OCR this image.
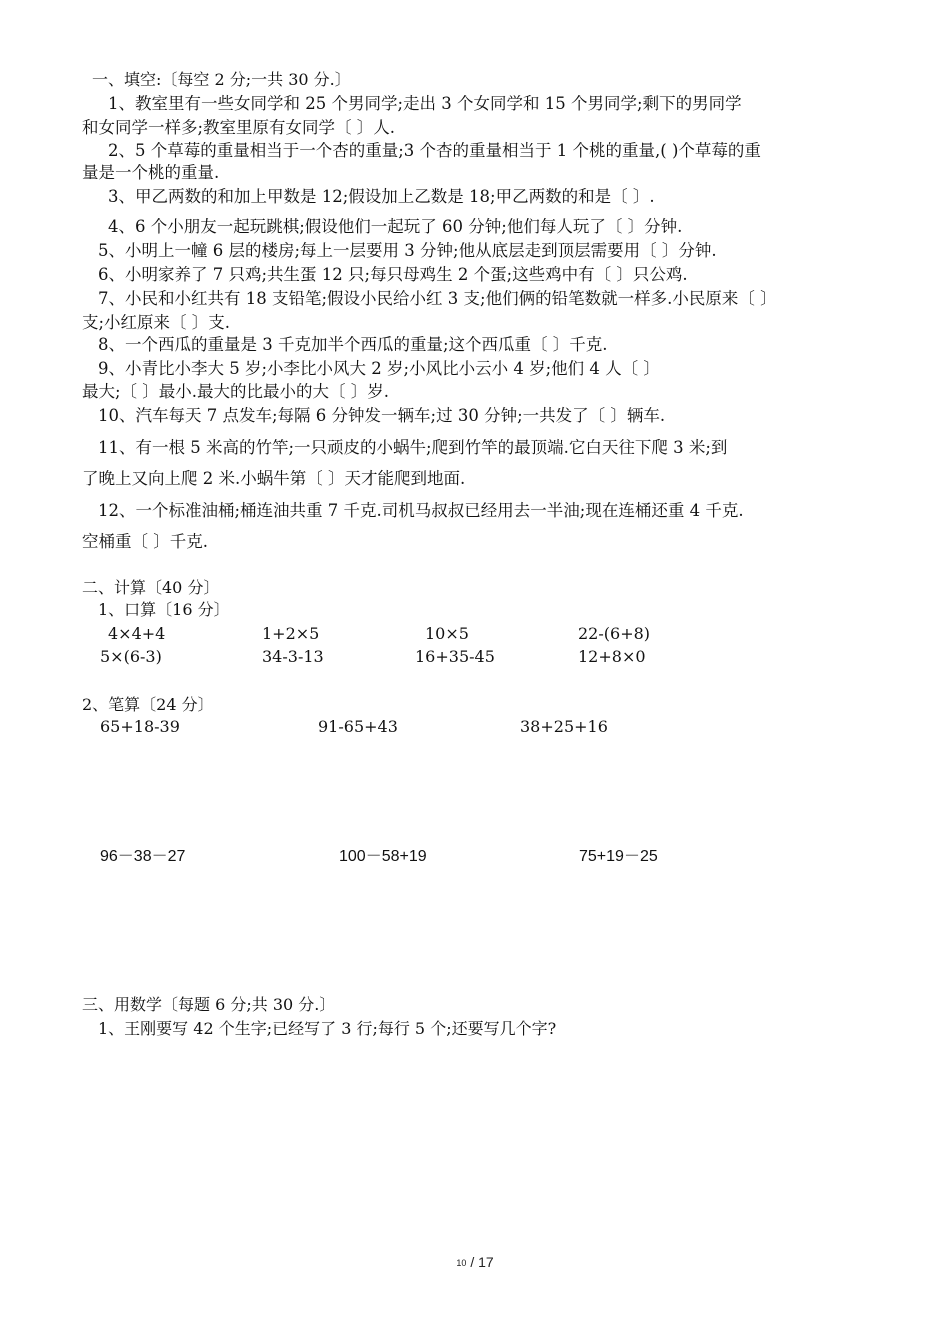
一、填空:〔每空 2 分;一共 30 分.〕
1、教室里有一些女同学和 25 个男同学;走出 3 个女同学和 15 个男同学;剩下的男同学
和女同学一样多;教室里原有女同学〔 〕人.
2、5 个草莓的重量相当于一个杏的重量;3 个杏的重量相当于 1 个桃的重量,( )个草莓的重
量是一个桃的重量.
3、甲乙两数的和加上甲数是 12;假设加上乙数是 18;甲乙两数的和是〔 〕.
4、6 个小朋友一起玩跳棋;假设他们一起玩了 60 分钟;他们每人玩了〔 〕分钟.
5、小明上一幢 6 层的楼房;每上一层要用 3 分钟;他从底层走到顶层需要用〔 〕分钟.
6、小明家养了 7 只鸡;共生蛋 12 只;每只母鸡生 2 个蛋;这些鸡中有〔 〕只公鸡.
7、小民和小红共有 18 支铅笔;假设小民给小红 3 支;他们俩的铅笔数就一样多.小民原来〔 〕
支;小红原来〔 〕支.
8、一个西瓜的重量是 3 千克加半个西瓜的重量;这个西瓜重〔 〕千克.
9、小青比小李大 5 岁;小李比小风大 2 岁;小风比小云小 4 岁;他们 4 人〔 〕
最大;〔 〕最小.最大的比最小的大〔 〕岁.
10、汽车每天 7 点发车;每隔 6 分钟发一辆车;过 30 分钟;一共发了〔 〕辆车.
11、有一根 5 米高的竹竿;一只顽皮的小蜗牛;爬到竹竿的最顶端.它白天往下爬 3 米;到
了晚上又向上爬 2 米.小蜗牛第〔 〕天才能爬到地面.
12、一个标准油桶;桶连油共重 7 千克.司机马叔叔已经用去一半油;现在连桶还重 4 千克.
空桶重〔 〕千克.
二、计算〔40 分〕
1、口算〔16 分〕
4×4+4	1+2×5	10×5	22-(6+8)
5×(6-3)	34-3-13	16+35-45	12+8×0
2、笔算〔24 分〕
65+18-39	91-65+43	38+25+16
96－38－27	100－58+19	75+19－25
三、用数学〔每题 6 分;共 30 分.〕
1、王刚要写 42 个生字;已经写了 3 行;每行 5 个;还要写几个字?
10 / 17
